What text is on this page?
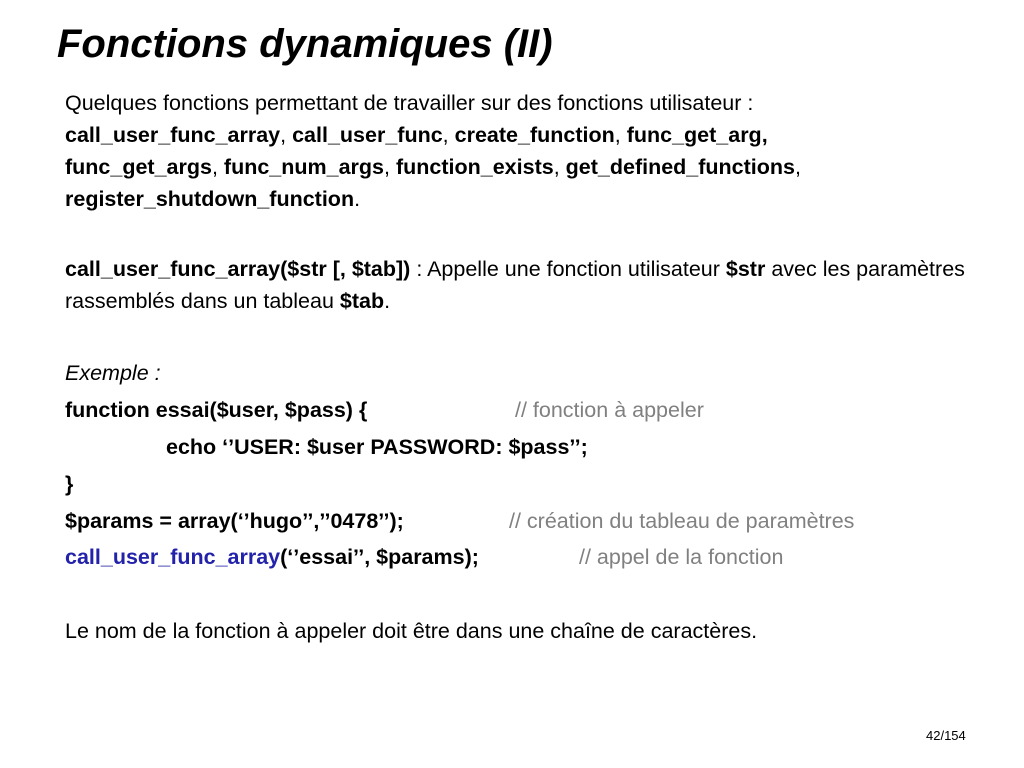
Fonctions dynamiques (II)
Quelques fonctions permettant de travailler sur des fonctions utilisateur :
call_user_func_array, call_user_func, create_function, func_get_arg,
func_get_args, func_num_args, function_exists, get_defined_functions,
register_shutdown_function.
call_user_func_array($str [, $tab]) : Appelle une fonction utilisateur $str avec les paramètres rassemblés dans un tableau $tab.
Exemple :
function essai($user, $pass) {	// fonction à appeler
echo ‘’USER: $user PASSWORD: $pass’’;
}
$params = array(‘’hugo’’,’’0478’’);	// création du tableau de paramètres
call_user_func_array(‘’essai’’, $params);	// appel de la fonction
Le nom de la fonction à appeler doit être dans une chaîne de caractères.
42/154
